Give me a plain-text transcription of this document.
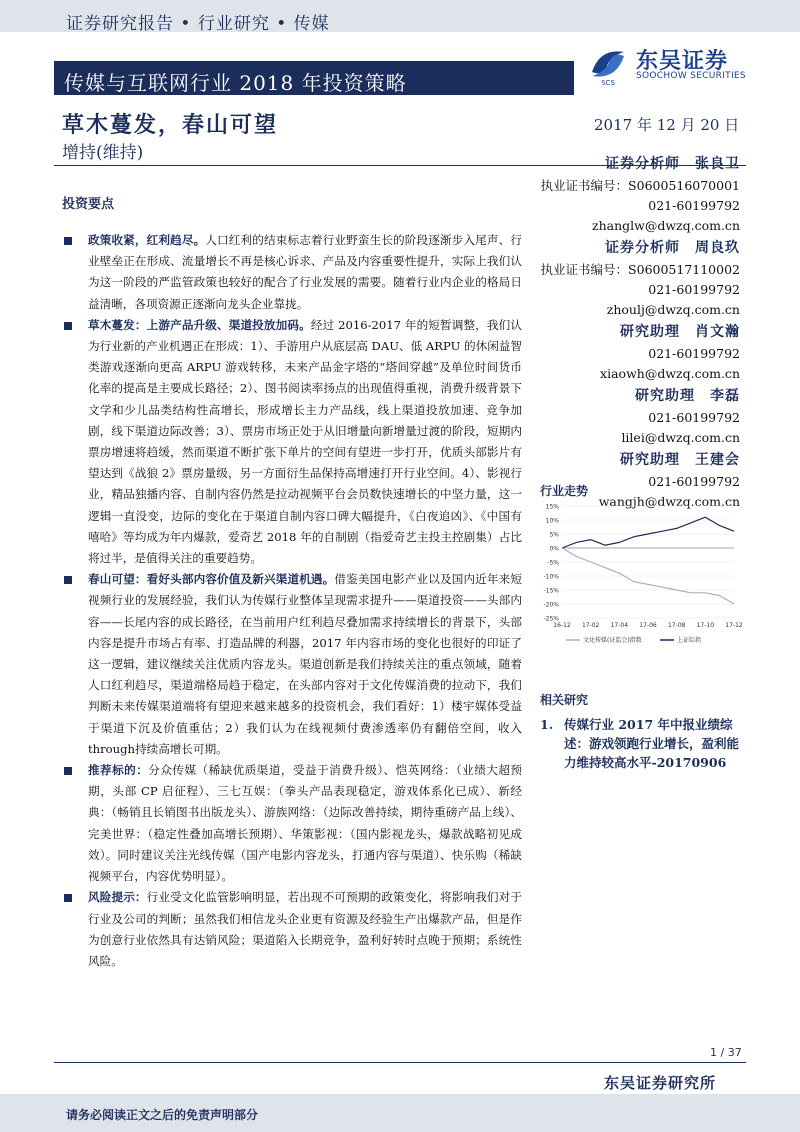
证券研究报告 • 行业研究 • 传媒
传媒与互联网行业 2018 年投资策略	SCS
东吴证券
SOOCHOW SECURITIES
草木蔓发，春山可望	2017 年 12 月 20 日
增持(维持)
投资要点
政策收紧，红利趋尽。人口红利的结束标志着行业野蛮生长的阶段逐渐步入尾声、行业壁垒正在形成、流量增长不再是核心诉求、产品及内容重要性提升，实际上我们认为这一阶段的严监管政策也较好的配合了行业发展的需要。随着行业内企业的格局日益清晰，各项资源正逐渐向龙头企业靠拢。
草木蔓发：上游产品升级、渠道投放加码。经过 2016-2017 年的短暂调整，我们认为行业新的产业机遇正在形成：1）、手游用户从底层高 DAU、低 ARPU 的休闲益智类游戏逐渐向更高 ARPU 游戏转移，未来产品金字塔的“塔间穿越”及单位时间货币化率的提高是主要成长路径；2）、图书阅读率扬点的出现值得重视，消费升级背景下文学和少儿品类结构性高增长，形成增长主力产品线，线上渠道投放加速、竞争加剧，线下渠道边际改善；3）、票房市场正处于从旧增量向新增量过渡的阶段，短期内票房增速将趋缓，然而渠道不断扩张下单片的空间有望进一步打开，优质头部影片有望达到《战狼 2》票房量级，另一方面衍生品保持高增速打开行业空间。4）、影视行业，精品独播内容、自制内容仍然是拉动视频平台会员数快速增长的中坚力量，这一逻辑一直没变，边际的变化在于渠道自制内容口碑大幅提升，《白夜追凶》、《中国有嘻哈》等均成为年内爆款，爱奇艺 2018 年的自制剧（指爱奇艺主投主控剧集）占比将过半，是值得关注的重要趋势。
春山可望：看好头部内容价值及新兴渠道机遇。借鉴美国电影产业以及国内近年来短视频行业的发展经验，我们认为传媒行业整体呈现需求提升——渠道投资——头部内容——长尾内容的成长路径，在当前用户红利趋尽叠加需求持续增长的背景下，头部内容是提升市场占有率、打造品牌的利器，2017 年内容市场的变化也很好的印证了这一逻辑，建议继续关注优质内容龙头。渠道创新是我们持续关注的重点领域，随着人口红利趋尽，渠道端格局趋于稳定，在头部内容对于文化传媒消费的拉动下，我们判断未来传媒渠道端将有望迎来越来越多的投资机会，我们看好：1）楼宇媒体受益于渠道下沉及价值重估；2）我们认为在线视频付费渗透率仍有翻倍空间，收入through持续高增长可期。
推荐标的：分众传媒（稀缺优质渠道，受益于消费升级）、恺英网络：（业绩大超预期，头部 CP 启征程）、三七互娱：（拳头产品表现稳定，游戏体系化已成）、新经典：（畅销且长销图书出版龙头）、游族网络：（边际改善持续，期待重磅产品上线）、完美世界：（稳定性叠加高增长预期）、华策影视：（国内影视龙头，爆款战略初见成效）。同时建议关注光线传媒（国产电影内容龙头，打通内容与渠道）、快乐购（稀缺视频平台，内容优势明显）。
风险提示：行业受文化监管影响明显，若出现不可预期的政策变化，将影响我们对于行业及公司的判断；虽然我们相信龙头企业更有资源及经验生产出爆款产品，但是作为创意行业依然具有达销风险；渠道陷入长期竞争，盈利好转时点晚于预期；系统性风险。
证券分析师　张良卫
执业证书编号：S0600516070001
021-60199792
zhanglw@dwzq.com.cn
证券分析师　周良玖
执业证书编号：S0600517110002
021-60199792
zhoulj@dwzq.com.cn
研究助理　肖文瀚
021-60199792
xiaowh@dwzq.com.cn
研究助理　李磊
021-60199792
lilei@dwzq.com.cn
研究助理　王建会
021-60199792
wangjh@dwzq.com.cn
行业走势
15%
10%
5%
0%
-5%
-10%
-15%
-20%
-25%
16-12 17-02 17-04 17-06 17-08 17-10 17-12
文化传媒(证监会)指数	上证综指
相关研究
1. 传媒行业 2017 年中报业绩综述：游戏领跑行业增长，盈利能力维持较高水平-20170906
1 / 37
东吴证券研究所
请务必阅读正文之后的免责声明部分
